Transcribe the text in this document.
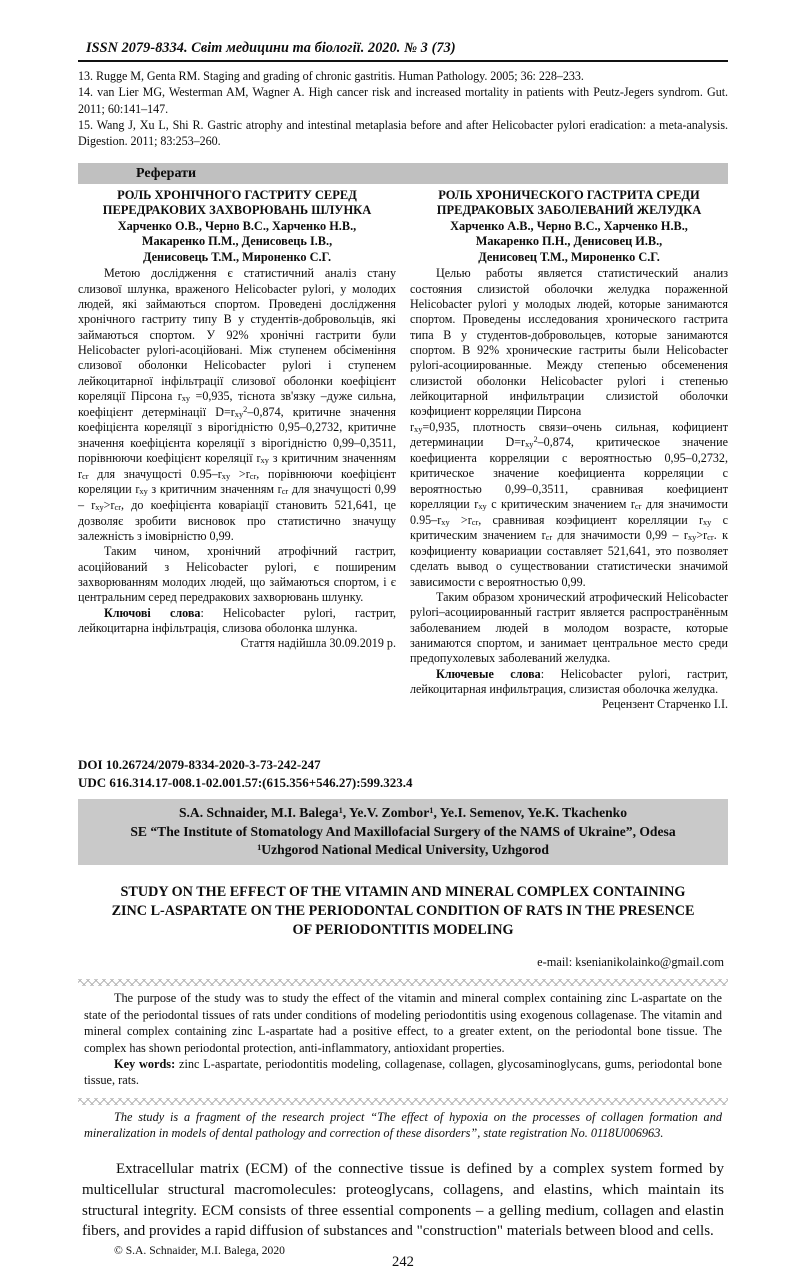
ISSN 2079-8334. Світ медицини та біології. 2020. № 3 (73)

13. Rugge M, Genta RM. Staging and grading of chronic gastritis. Human Pathology. 2005; 36: 228–233.

14. van Lier MG, Westerman AM, Wagner A. High cancer risk and increased mortality in patients with Peutz-Jegers syndrom. Gut. 2011; 60:141–147.

15. Wang J, Xu L, Shi R. Gastric atrophy and intestinal metaplasia before and after Helicobacter pylori eradication: a meta-analysis. Digestion. 2011; 83:253–260.

Реферати
РОЛЬ ХРОНІЧНОГО ГАСТРИТУ СЕРЕД
ПЕРЕДРАКОВИХ ЗАХВОРЮВАНЬ ШЛУНКА
Харченко О.В., Черно В.С., Харченко Н.В.,
Макаренко П.М., Денисовець І.В.,
Денисовець Т.М., Мироненко С.Г.

Метою дослідження є статистичний аналіз стану слизової шлунка, враженого Helicobacter pylori, у молодих людей, які займаються спортом. Проведені дослідження хронічного гастриту типу В у студентів-добровольців, які займаються спортом. У 92% хронічні гастрити були Helicobacter pylori-асоційовані. Між ступенем обсіменіння слизової оболонки Helicobacter pylori і ступенем лейкоцитарної інфільтрації слизової оболонки коефіцієнт кореляції Пірсона $r_{xy} =0,935$, тіснота зв'язку –дуже сильна, коефіцієнт детермінації $D=r_{xy}^2-0,874$, критичне значення коефіцієнта кореляції з вірогідністю 0,95–0,2732, критичне значення коефіцієнта кореляції з вірогідністю 0,99–0,3511, порівнюючи коефіцієнт кореляції $r_{xy}$ з критичним значенням $r_{cr}$ для значущості $0.95-r_{xy} >r_{cr}$, порівнюючи коефіцієнт кореляции $r_{xy}$ з критичним значенням $r_{cr}$ для значущості $0,99 - r_{xy}>r_{cr}$, до коефіцієнта коваріації становить 521,641, це дозволяє зробити висновок про статистично значущу залежність з імовірністю 0,99.

Таким чином, хронічний атрофічний гастрит, асоційований з Helicobacter pylori, є поширеним захворюванням молодих людей, що займаються спортом, і є центральним серед передракових захворювань шлунку.

Ключові слова: Helicobacter pylori, гастрит, лейкоцитарна інфільтрація, слизова оболонка шлунка.

Стаття надійшла 30.09.2019 р.
РОЛЬ ХРОНИЧЕСКОГО ГАСТРИТА СРЕДИ
ПРЕДРАКОВЫХ ЗАБОЛЕВАНИЙ ЖЕЛУДКА
Харченко А.В., Черно В.С., Харченко Н.В.,
Макаренко П.Н., Денисовец И.В.,
Денисовец Т.М., Мироненко С.Г.

Целью работы является статистический анализ состояния слизистой оболочки желудка пораженной Helicobacter pylori у молодых людей, которые занимаются спортом. Проведены исследования хронического гастрита типа В у студентов-добровольцев, которые занимаются спортом. В 92% хронические гастриты были Helicobacter pylori-асоциированные. Между степенью обсеменения слизистой оболонки Helicobacter pylori i степенью лейкоцитарной инфильтрации слизистой оболочки коэфициент корреляции Пирсона

$r_{xy}=0,935$, плотность связи–очень сильная, кофициент детерминации $D=r_{xy}^2-0,874$, критическое значение коефициента корреляции с вероятностью 0,95–0,2732, критическое значение коефициента корреляции с вероятностью 0,99–0,3511, сравнивая коефициент корелляции $r_{xy}$ с критическим значением $r_{cr}$ для значимости $0.95-r_{xy} >r_{cr}$, сравнивая коэфициент корелляции $r_{xy}$ с критическим значением $r_{cr}$ для значимости $0,99 - r_{xy}>r_{cr}$. к коэфициенту ковариации составляет 521,641, это позволяет сделать вывод о существовании статистически значимой зависимости с вероятностью 0,99.

Таким образом хронический атрофический Helicobacter pylori–асоциированный гастрит является распространённым заболеванием людей в молодом возрасте, которые занимаются спортом, и занимает центральное место среди предопухолевых заболеваний желудка.

Ключевые слова: Helicobacter pylori, гастрит, лейкоцитарная инфильтрация, слизистая оболочка желудка.

Рецензент Старченко І.І.
DOI 10.26724/2079-8334-2020-3-73-242-247
UDC 616.314.17-008.1-02.001.57:(615.356+546.27):599.323.4
S.A. Schnaider, M.I. Balega$^1$, Ye.V. Zombor$^1$, Ye.I. Semenov, Ye.K. Tkachenko
SE “The Institute of Stomatology And Maxillofacial Surgery of the NAMS of Ukraine”, Odesa
$^1$Uzhgorod National Medical University, Uzhgorod
STUDY ON THE EFFECT OF THE VITAMIN AND MINERAL COMPLEX CONTAINING
ZINC L-ASPARTATE ON THE PERIODONTAL CONDITION OF RATS IN THE PRESENCE
OF PERIODONTITIS MODELING
e-mail: ksenianikolainko@gmail.com

The purpose of the study was to study the effect of the vitamin and mineral complex containing zinc L-aspartate on the state of the periodontal tissues of rats under conditions of modeling periodontitis using exogenous collagenase. The vitamin and mineral complex containing zinc L-aspartate had a positive effect, to a greater extent, on the periodontal bone tissue. The complex has shown periodontal protection, anti-inflammatory, antioxidant properties.

Key words: zinc L-aspartate, periodontitis modeling, collagenase, collagen, glycosaminoglycans, gums, periodontal bone tissue, rats.

The study is a fragment of the research project “The effect of hypoxia on the processes of collagen formation and mineralization in models of dental pathology and correction of these disorders”, state registration No. 0118U006963.

Extracellular matrix (ECM) of the connective tissue is defined by a complex system formed by multicellular structural macromolecules: proteoglycans, collagens, and elastins, which maintain its structural integrity. ECM consists of three essential components – a gelling medium, collagen and elastin fibers, and provides a rapid diffusion of substances and "construction" materials between blood and cells.

© S.A. Schnaider, M.I. Balega, 2020
242
